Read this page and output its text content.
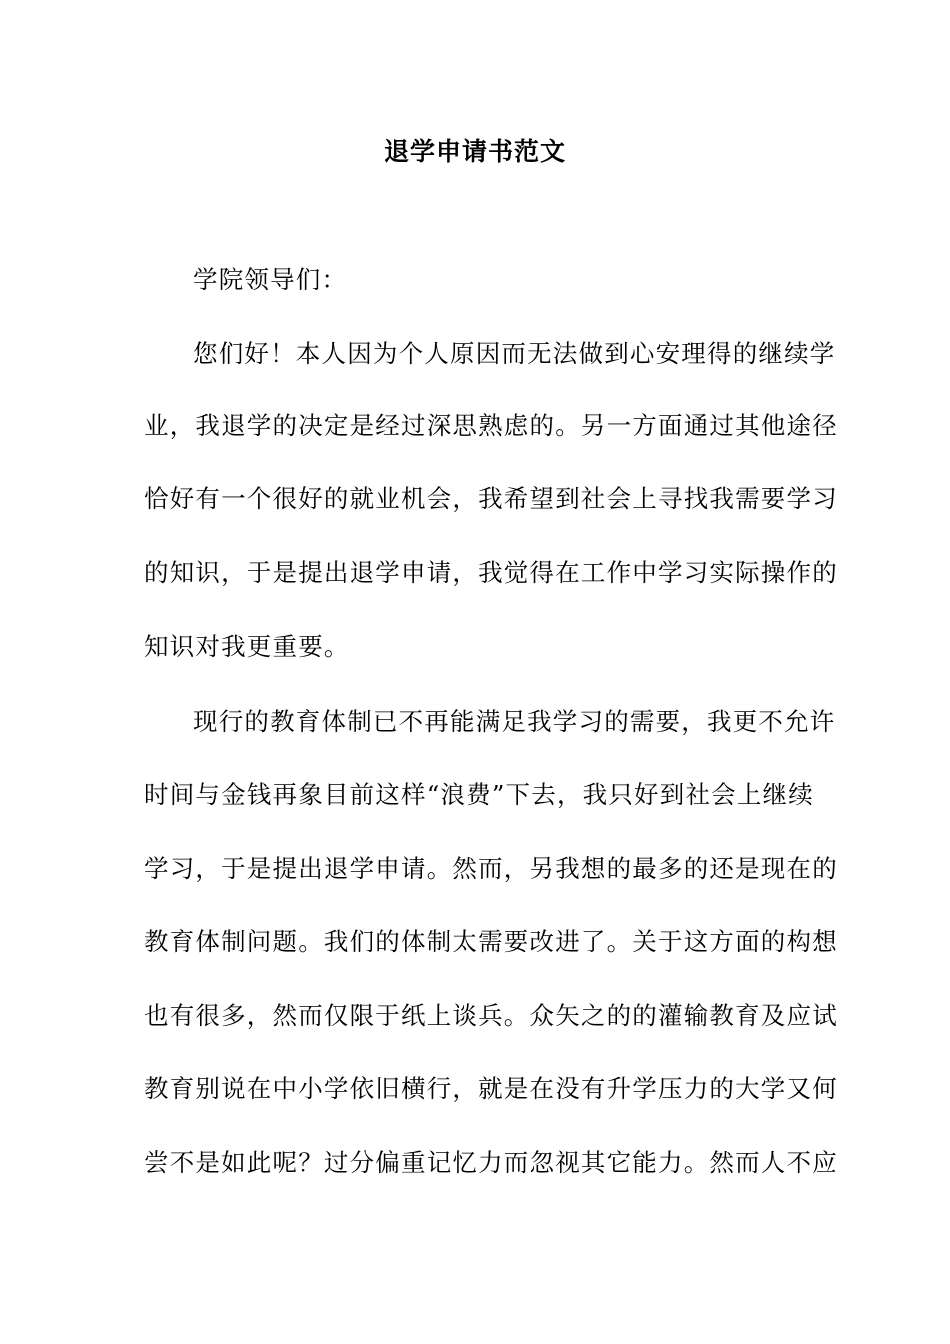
退学申请书范文
学院领导们：
您们好！本人因为个人原因而无法做到心安理得的继续学
业，我退学的决定是经过深思熟虑的。另一方面通过其他途径
恰好有一个很好的就业机会，我希望到社会上寻找我需要学习
的知识，于是提出退学申请，我觉得在工作中学习实际操作的
知识对我更重要。
现行的教育体制已不再能满足我学习的需要，我更不允许
时间与金钱再象目前这样“浪费”下去，我只好到社会上继续
学习，于是提出退学申请。然而，另我想的最多的还是现在的
教育体制问题。我们的体制太需要改进了。关于这方面的构想
也有很多，然而仅限于纸上谈兵。众矢之的的灌输教育及应试
教育别说在中小学依旧横行，就是在没有升学压力的大学又何
尝不是如此呢？过分偏重记忆力而忽视其它能力。然而人不应
